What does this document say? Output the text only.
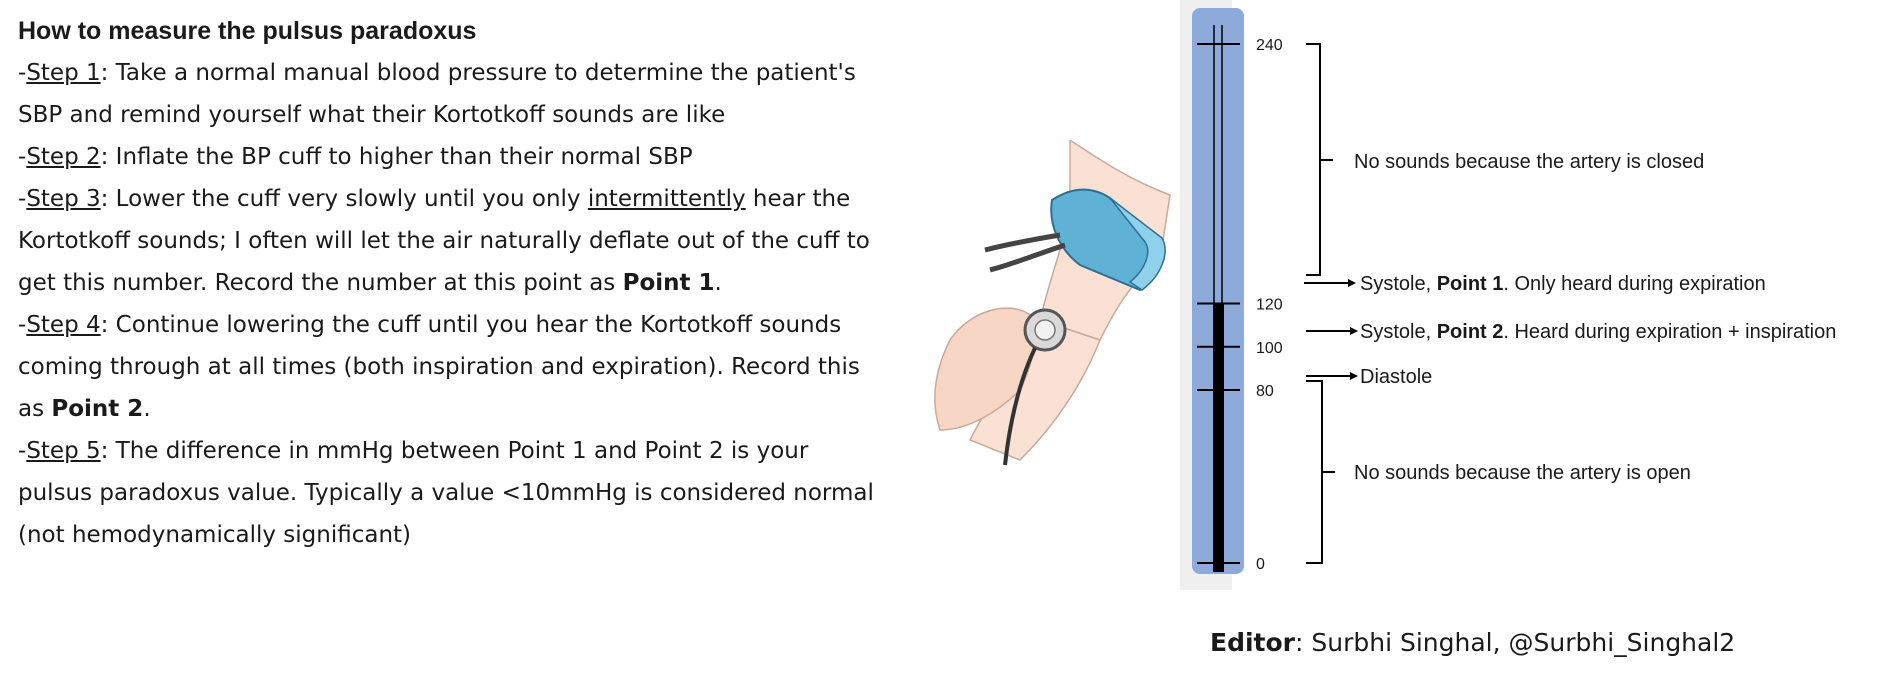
How to measure the pulsus paradoxus

-Step 1: Take a normal manual blood pressure to determine the patient's
SBP and remind yourself what their Kortotkoff sounds are like
-Step 2: Inflate the BP cuff to higher than their normal SBP
-Step 3: Lower the cuff very slowly until you only intermittently hear the
Kortotkoff sounds; I often will let the air naturally deflate out of the cuff to
get this number. Record the number at this point as Point 1.
-Step 4: Continue lowering the cuff until you hear the Kortotkoff sounds
coming through at all times (both inspiration and expiration). Record this
as Point 2.
-Step 5: The difference in mmHg between Point 1 and Point 2 is your
pulsus paradoxus value. Typically a value <10mmHg is considered normal
(not hemodynamically significant)
240
120
100
80
0
No sounds because the artery is closed
Systole, Point 1. Only heard during expiration
Systole, Point 2. Heard during expiration + inspiration
Diastole
No sounds because the artery is open
Editor: Surbhi Singhal, @Surbhi_Singhal2
